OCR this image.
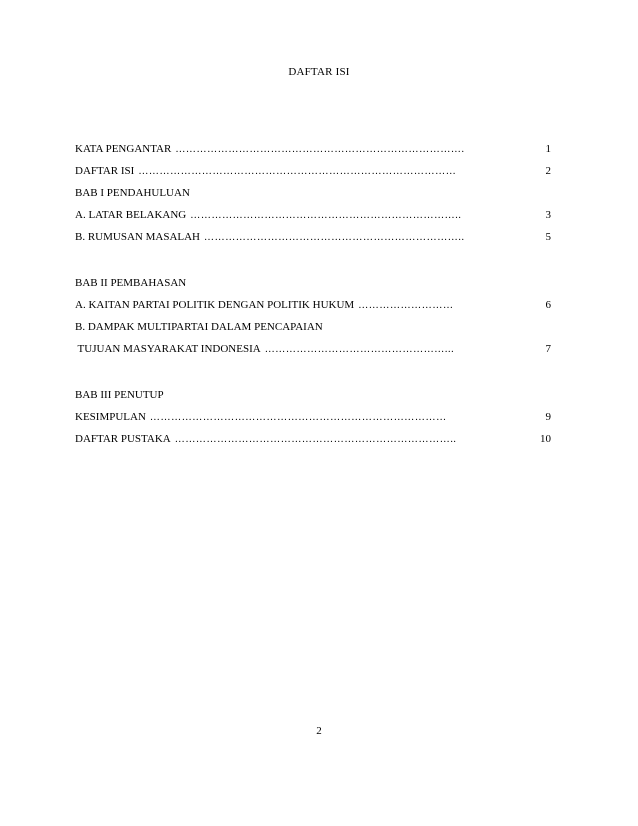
DAFTAR ISI
KATA PENGANTAR ……………………………………………………………………….	1
DAFTAR ISI ………………………………………………………………………………	2
BAB I PENDAHULUAN
A. LATAR BELAKANG …………………………………………………………………..	3
B. RUMUSAN MASALAH ………………………………………………………………..	5
BAB II PEMBAHASAN
A. KAITAN PARTAI POLITIK DENGAN POLITIK HUKUM ………………………	6
B. DAMPAK MULTIPARTAI DALAM PENCAPAIAN
TUJUAN MASYARAKAT INDONESIA ……………………………………………...	7
BAB III PENUTUP
KESIMPULAN …………………………………………………………………………	9
DAFTAR PUSTAKA ……………………………………………………………………..	10
2
